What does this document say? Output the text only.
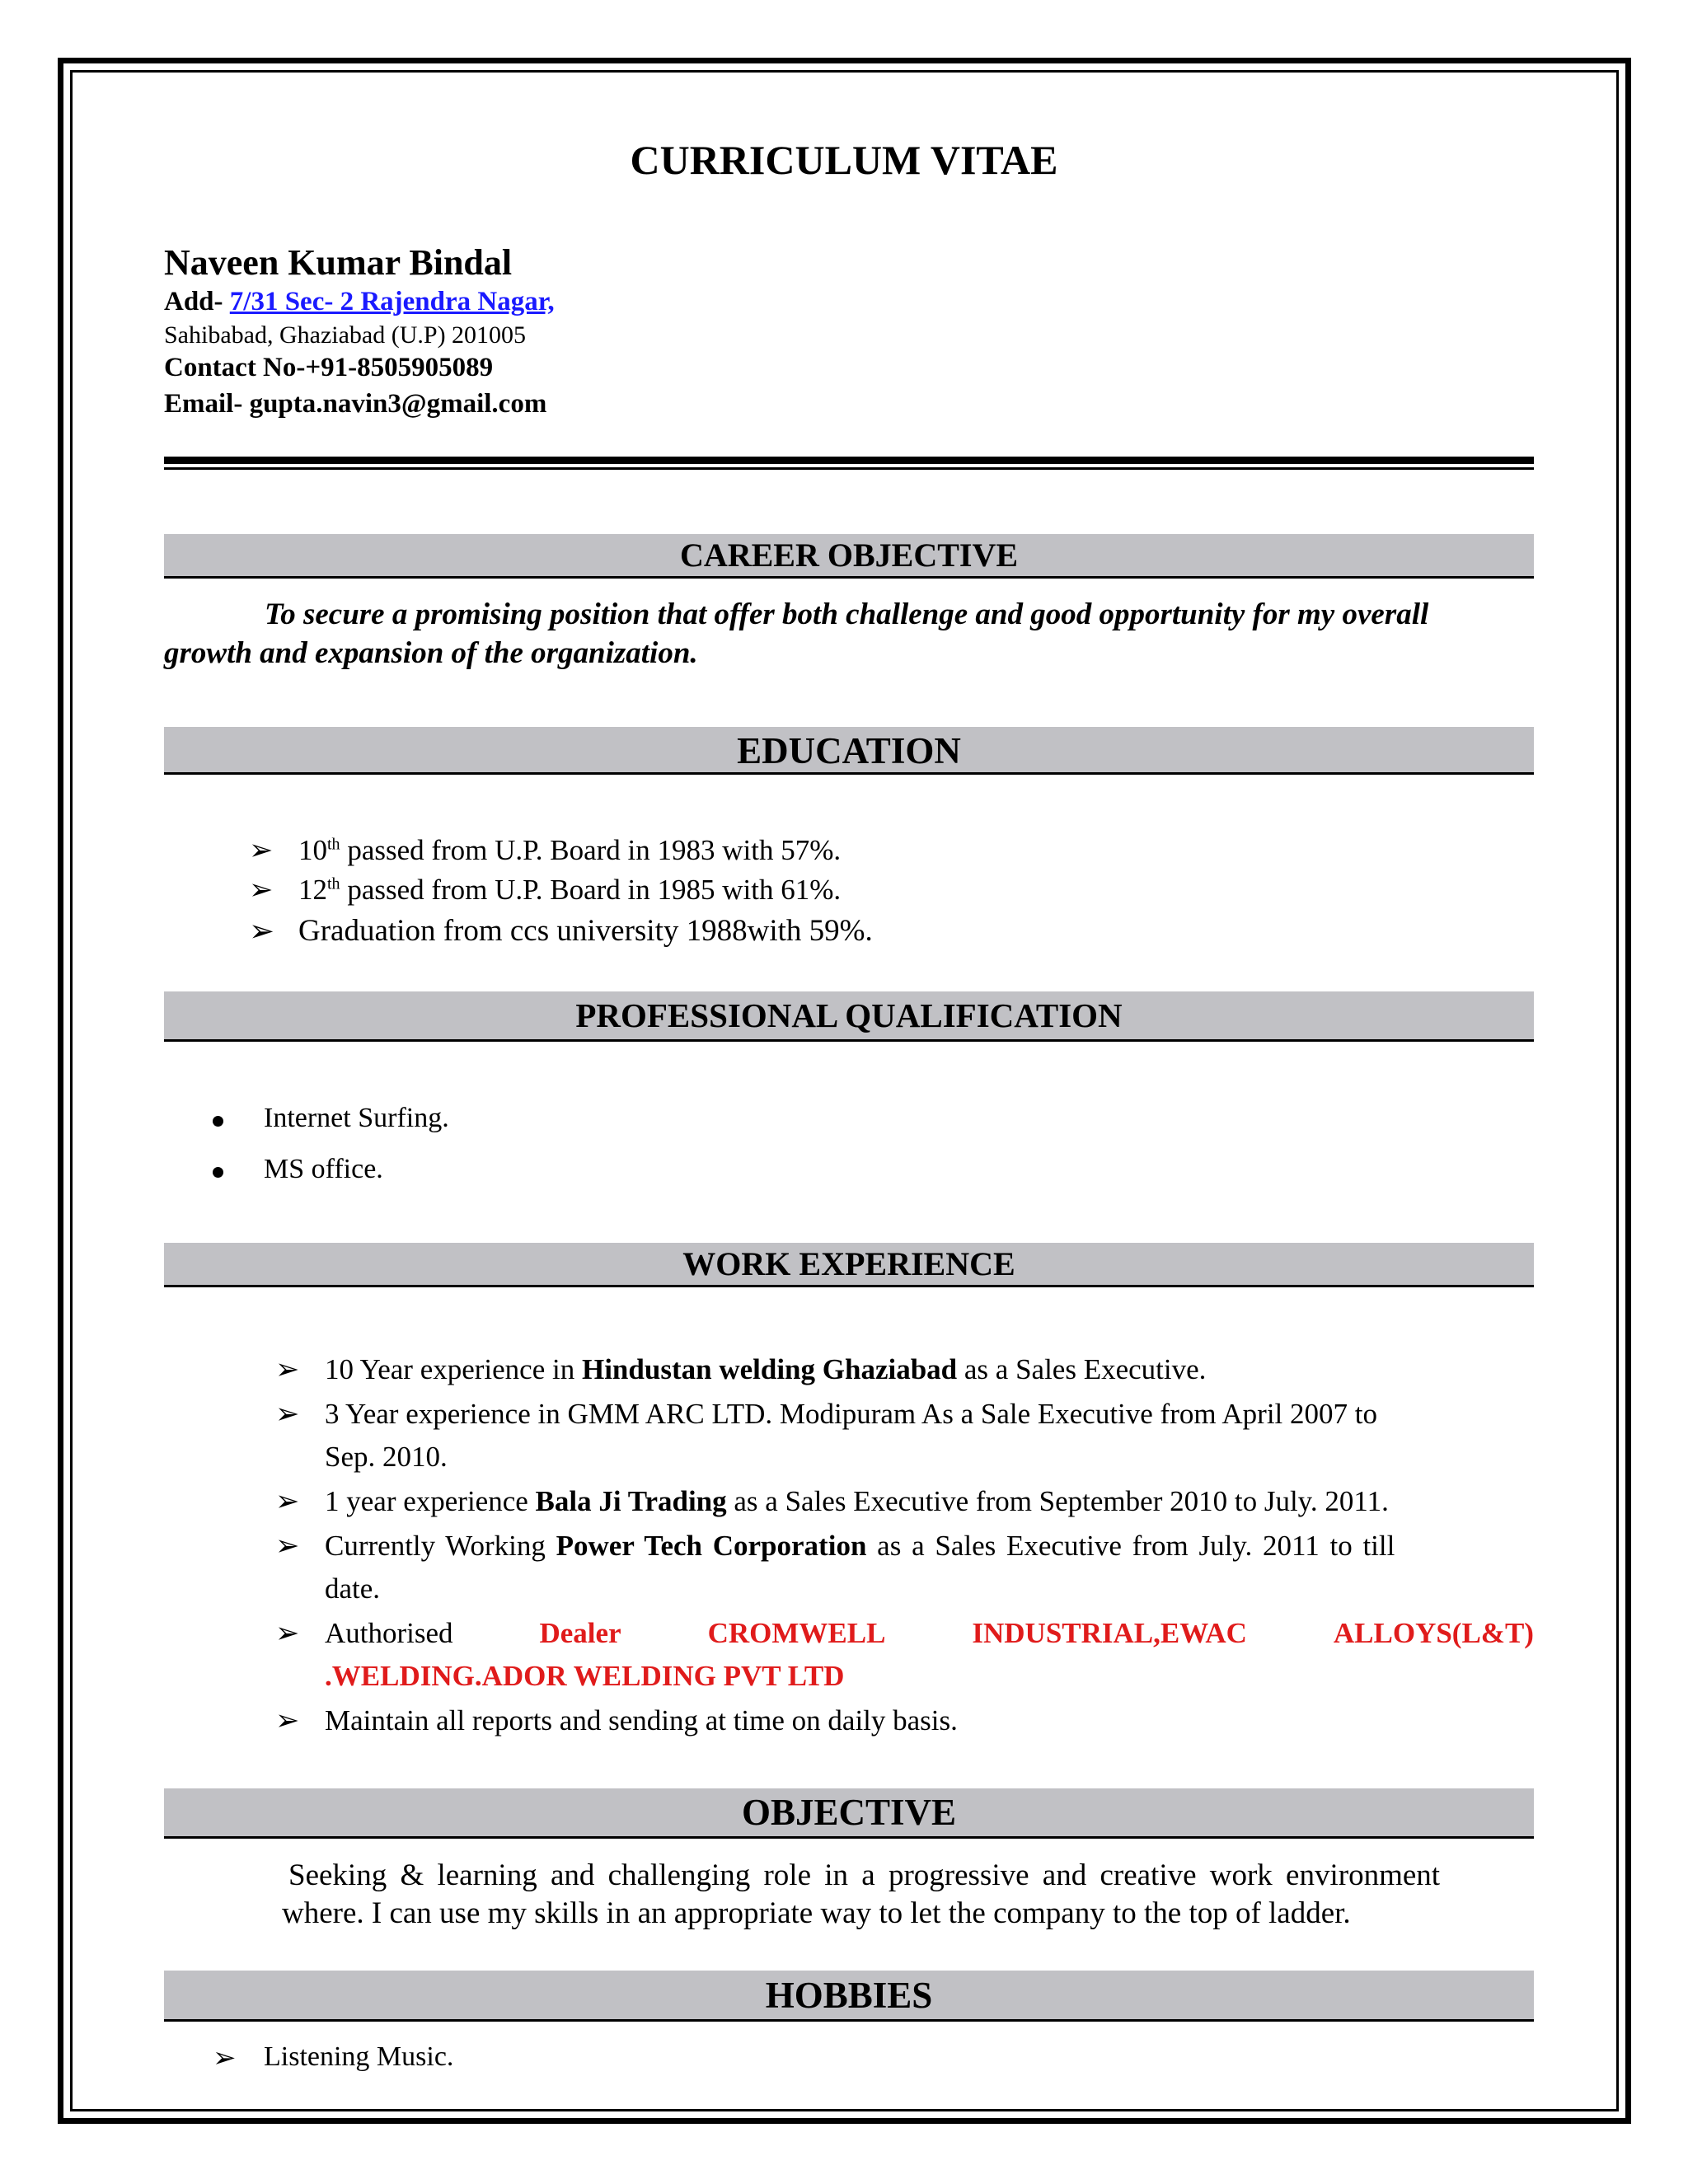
CURRICULUM VITAE
Naveen Kumar Bindal
Add- 7/31 Sec- 2 Rajendra Nagar,
Sahibabad, Ghaziabad (U.P) 201005
Contact No-+91-8505905089
Email- gupta.navin3@gmail.com
CAREER OBJECTIVE
To secure a promising position that offer both challenge and good opportunity for my overall
growth and expansion of the organization.
EDUCATION
➢ 10th passed from U.P. Board in 1983 with 57%.
➢ 12th passed from U.P. Board in 1985 with 61%.
➢ Graduation from ccs university 1988with 59%.
PROFESSIONAL QUALIFICATION
Internet Surfing.
MS office.
WORK EXPERIENCE
➢ 10 Year experience in Hindustan welding Ghaziabad as a Sales Executive.
➢ 3 Year experience in GMM ARC LTD. Modipuram As a Sale Executive from April 2007 to
Sep. 2010.
➢ 1 year experience Bala Ji Trading as a Sales Executive from September 2010 to July. 2011.
➢ Currently Working Power Tech Corporation as a Sales Executive from July. 2011 to till
date.
➢ Authorised	Dealer	CROMWELL	INDUSTRIAL,EWAC	ALLOYS(L&T)
.WELDING.ADOR WELDING PVT LTD
➢ Maintain all reports and sending at time on daily basis.
OBJECTIVE
Seeking & learning and challenging role in a progressive and creative work environment
where. I can use my skills in an appropriate way to let the company to the top of ladder.
HOBBIES
➢ Listening Music.
